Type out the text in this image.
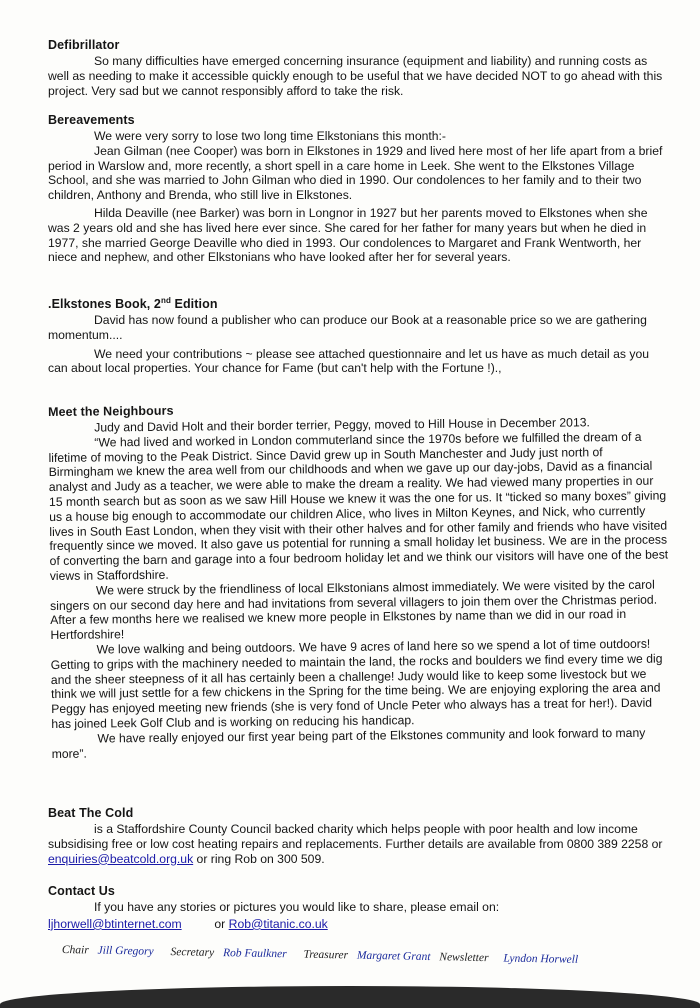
Defibrillator

So many difficulties have emerged concerning insurance (equipment and liability) and running costs as well as needing to make it accessible quickly enough to be useful that we have decided NOT to go ahead with this project. Very sad but we cannot responsibly afford to take the risk.

Bereavements

We were very sorry to lose two long time Elkstonians this month:-

Jean Gilman (nee Cooper) was born in Elkstones in 1929 and lived here most of her life apart from a brief period in Warslow and, more recently, a short spell in a care home in Leek. She went to the Elkstones Village School, and she was married to John Gilman who died in 1990. Our condolences to her family and to their two children, Anthony and Brenda, who still live in Elkstones.

Hilda Deaville (nee Barker) was born in Longnor in 1927 but her parents moved to Elkstones when she was 2 years old and she has lived here ever since. She cared for her father for many years but when he died in 1977, she married George Deaville who died in 1993. Our condolences to Margaret and Frank Wentworth, her niece and nephew, and other Elkstonians who have looked after her for several years.

.Elkstones Book, 2nd Edition

David has now found a publisher who can produce our Book at a reasonable price so we are gathering momentum....

We need your contributions ~ please see attached questionnaire and let us have as much detail as you can about local properties. Your chance for Fame (but can't help with the Fortune !).,

Meet the Neighbours

Judy and David Holt and their border terrier, Peggy, moved to Hill House in December 2013.

“We had lived and worked in London commuterland since the 1970s before we fulfilled the dream of a lifetime of moving to the Peak District. Since David grew up in South Manchester and Judy just north of Birmingham we knew the area well from our childhoods and when we gave up our day-jobs, David as a financial analyst and Judy as a teacher, we were able to make the dream a reality. We had viewed many properties in our 15 month search but as soon as we saw Hill House we knew it was the one for us. It “ticked so many boxes” giving us a house big enough to accommodate our children Alice, who lives in Milton Keynes, and Nick, who currently lives in South East London, when they visit with their other halves and for other family and friends who have visited frequently since we moved. It also gave us potential for running a small holiday let business. We are in the process of converting the barn and garage into a four bedroom holiday let and we think our visitors will have one of the best views in Staffordshire.

We were struck by the friendliness of local Elkstonians almost immediately. We were visited by the carol singers on our second day here and had invitations from several villagers to join them over the Christmas period. After a few months here we realised we knew more people in Elkstones by name than we did in our road in Hertfordshire!

We love walking and being outdoors. We have 9 acres of land here so we spend a lot of time outdoors! Getting to grips with the machinery needed to maintain the land, the rocks and boulders we find every time we dig and the sheer steepness of it all has certainly been a challenge! Judy would like to keep some livestock but we think we will just settle for a few chickens in the Spring for the time being. We are enjoying exploring the area and Peggy has enjoyed meeting new friends (she is very fond of Uncle Peter who always has a treat for her!). David has joined Leek Golf Club and is working on reducing his handicap.

We have really enjoyed our first year being part of the Elkstones community and look forward to many more”.

Beat The Cold

is a Staffordshire County Council backed charity which helps people with poor health and low income subsidising free or low cost heating repairs and replacements. Further details are available from 0800 389 2258 or enquiries@beatcold.org.uk or ring Rob on 300 509.

Contact Us

If you have any stories or pictures you would like to share, please email on:

ljhorwell@btinternet.com	or Rob@titanic.co.uk

Chair Jill Gregory Secretary Rob Faulkner Treasurer Margaret Grant Newsletter Lyndon Horwell
